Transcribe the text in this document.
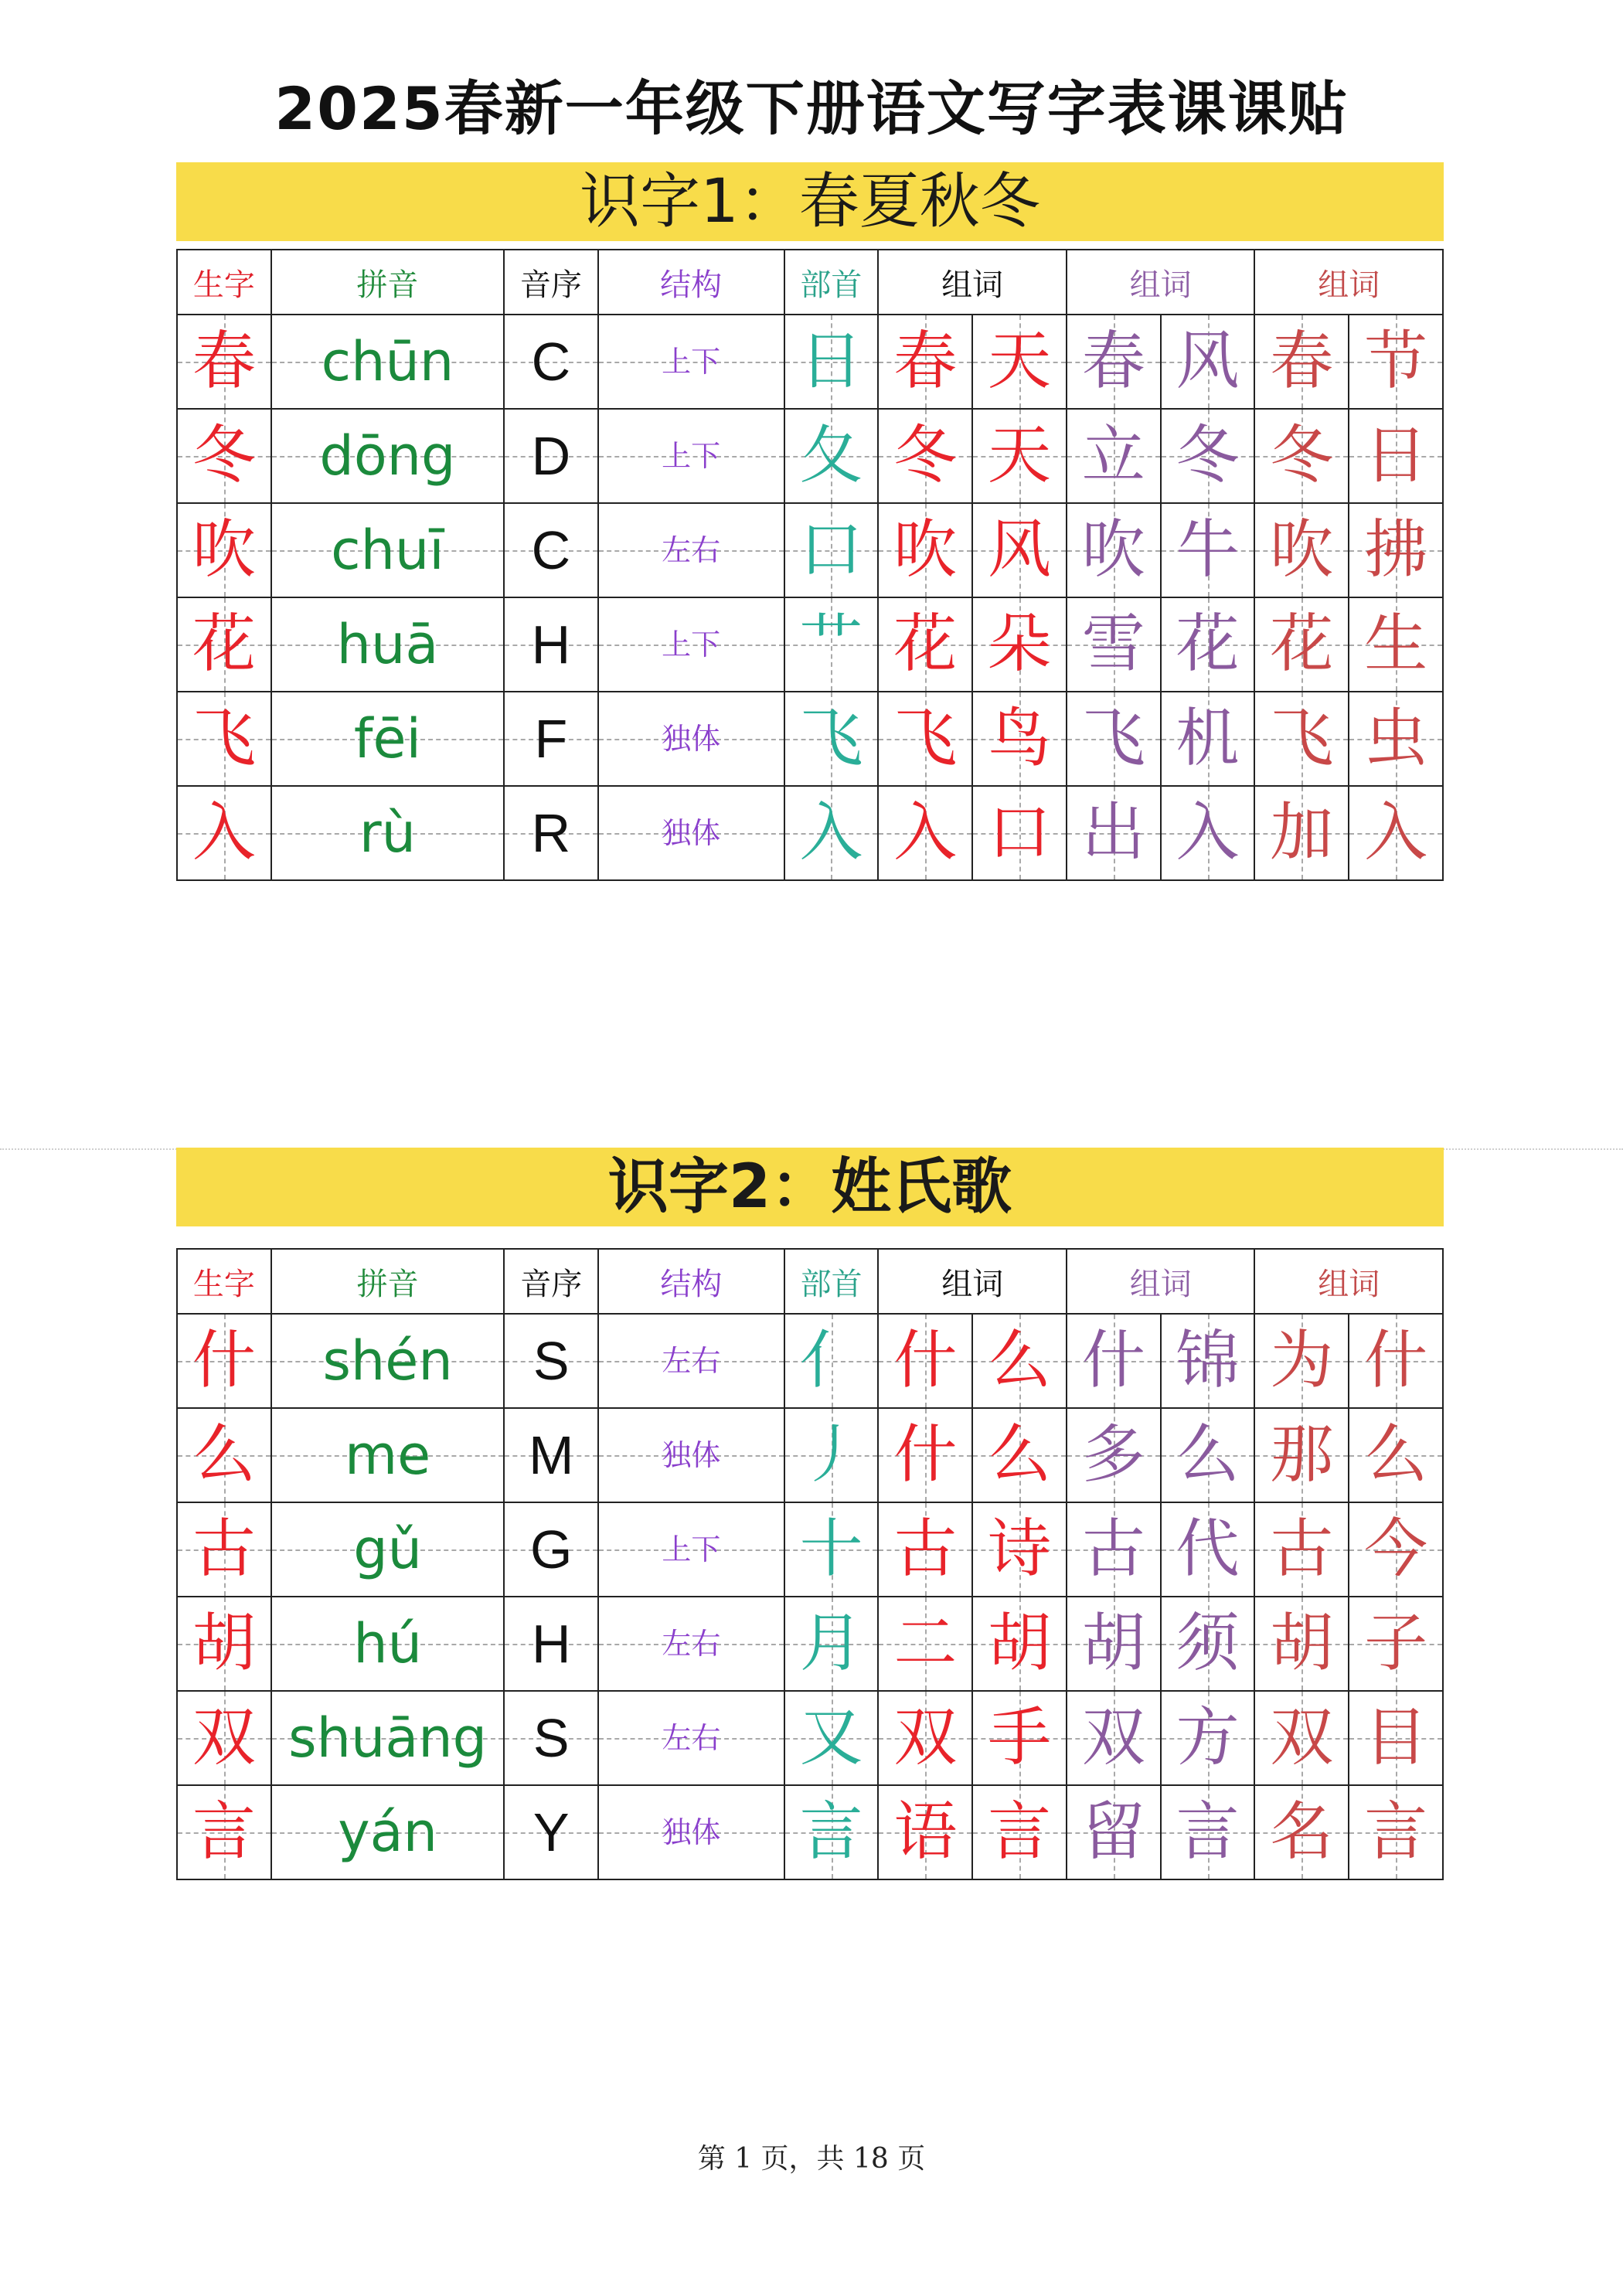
2025春新一年级下册语文写字表课课贴
识字1：春夏秋冬
生字	拼音	音序	结构	部首	组词		组词		组词	
春	chūn	C	上下	日	春	天	春	风	春	节
冬	dōng	D	上下	夂	冬	天	立	冬	冬	日
吹	chuī	C	左右	口	吹	风	吹	牛	吹	拂
花	huā	H	上下	艹	花	朵	雪	花	花	生
飞	fēi	F	独体	飞	飞	鸟	飞	机	飞	虫
入	rù	R	独体	入	入	口	出	入	加	入
识字2：姓氏歌
生字	拼音	音序	结构	部首	组词		组词		组词	
什	shén	S	左右	亻	什	么	什	锦	为	什
么	me	M	独体	丿	什	么	多	么	那	么
古	gǔ	G	上下	十	古	诗	古	代	古	今
胡	hú	H	左右	月	二	胡	胡	须	胡	子
双	shuāng	S	左右	又	双	手	双	方	双	目
言	yán	Y	独体	言	语	言	留	言	名	言
第 1 页，共 18 页
